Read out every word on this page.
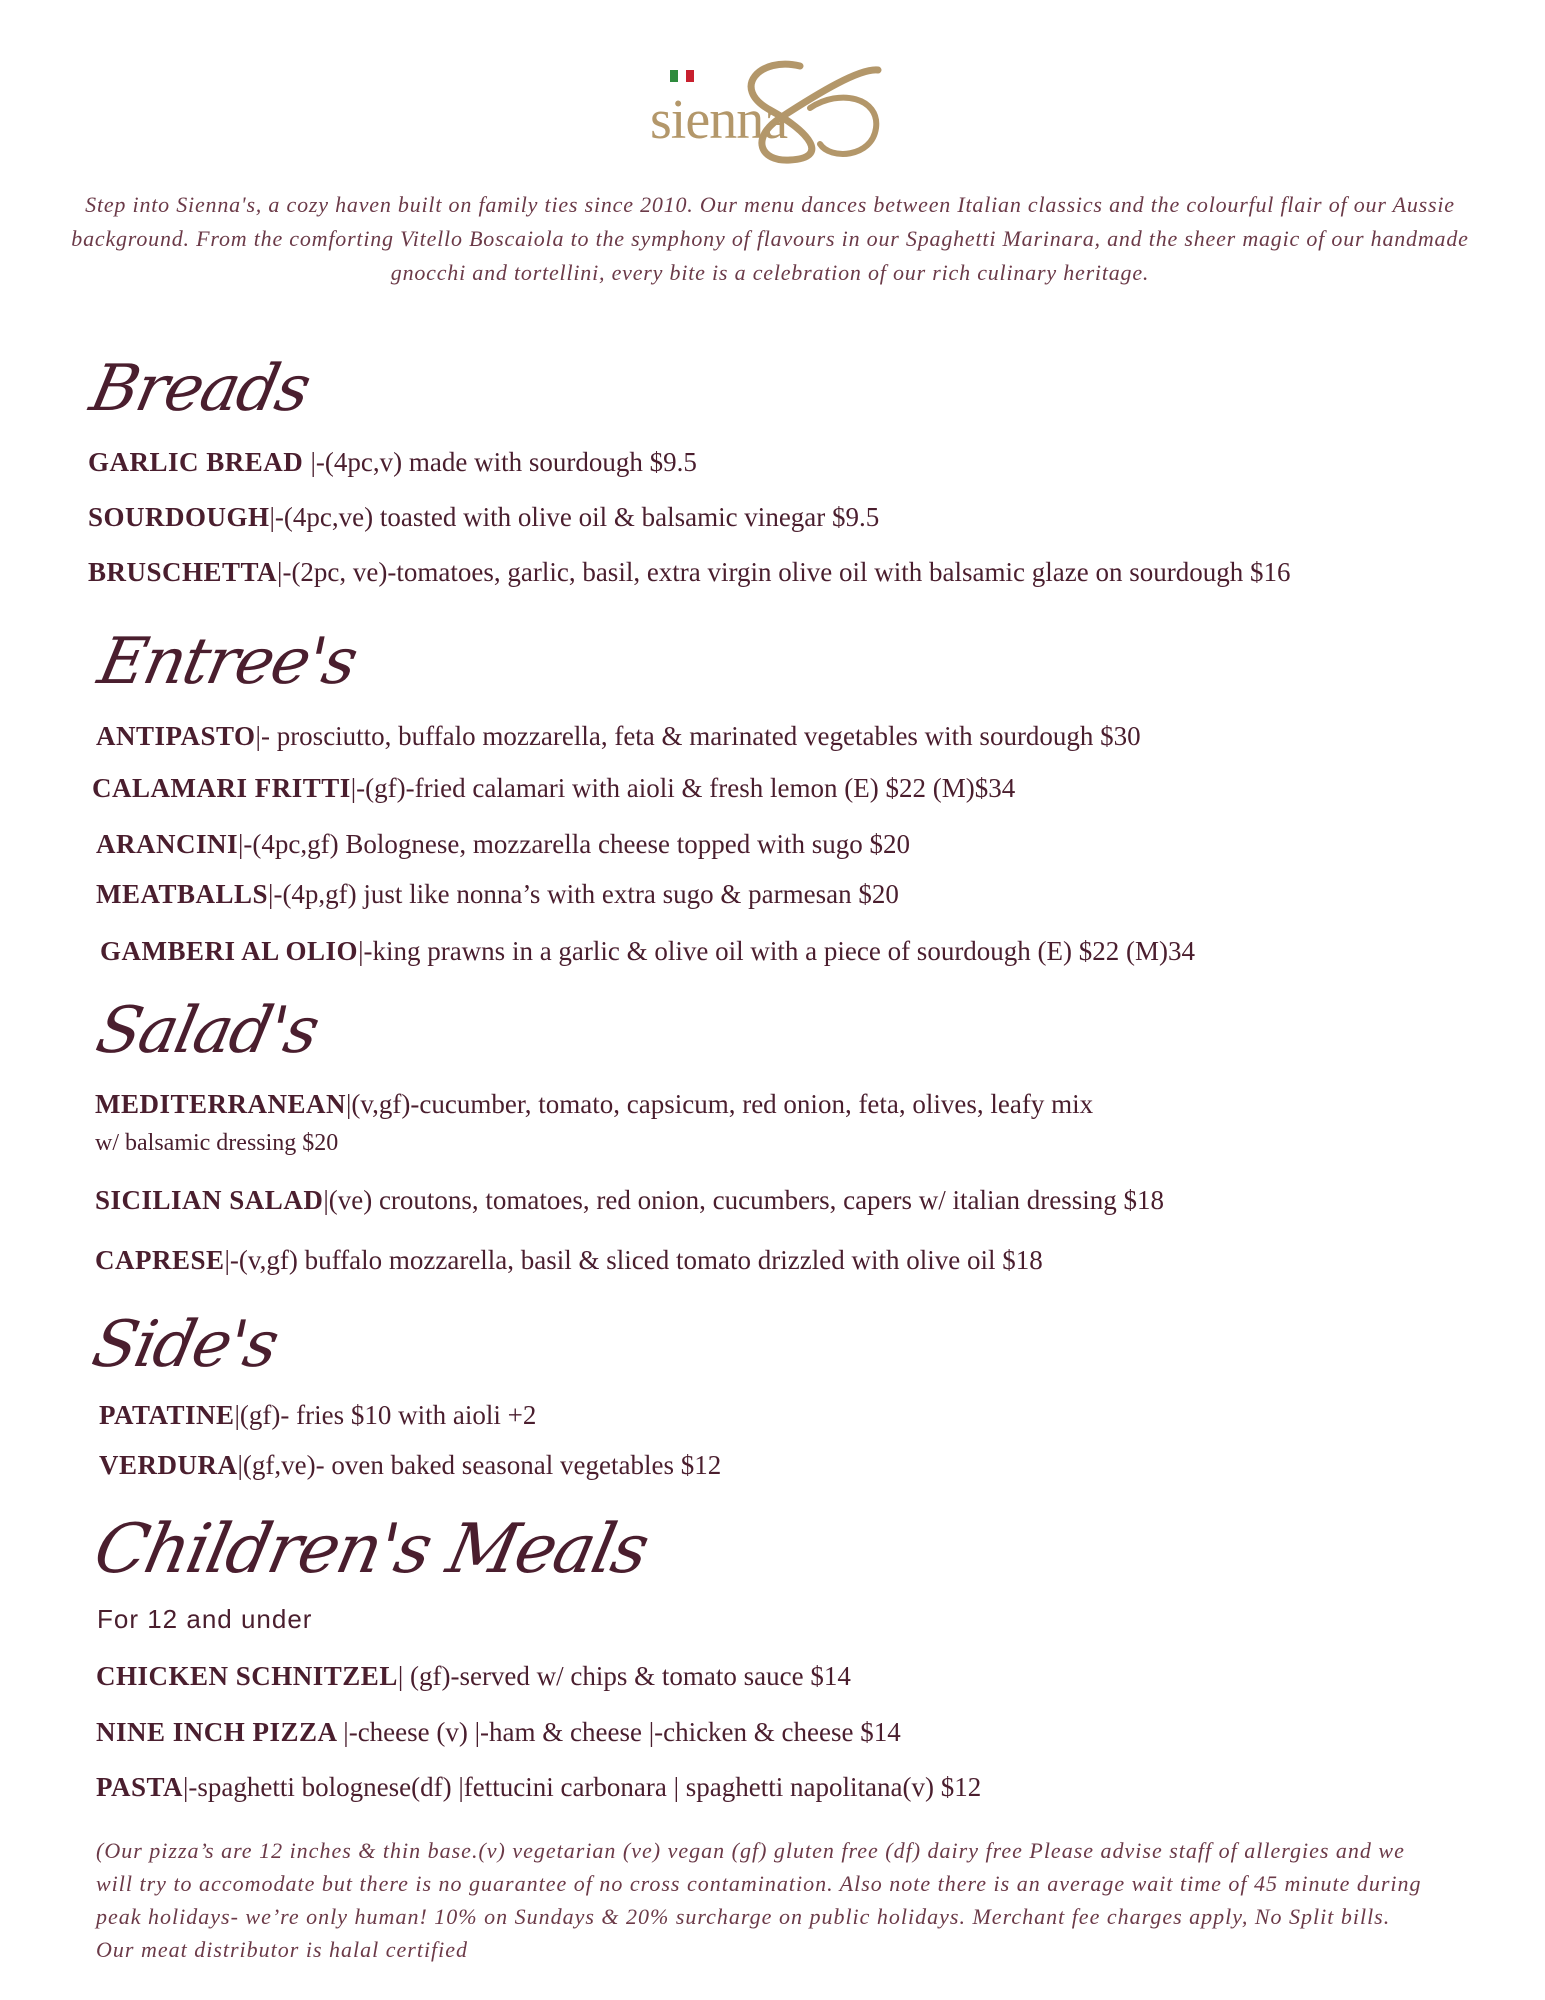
sienna
Step into Sienna's, a cozy haven built on family ties since 2010. Our menu dances between Italian classics and the colourful flair of our Aussie background. From the comforting Vitello Boscaiola to the symphony of flavours in our Spaghetti Marinara, and the sheer magic of our handmade gnocchi and tortellini, every bite is a celebration of our rich culinary heritage.
Breads
GARLIC BREAD |-(4pc,v) made with sourdough $9.5
SOURDOUGH|-(4pc,ve) toasted with olive oil & balsamic vinegar $9.5
BRUSCHETTA|-(2pc, ve)-tomatoes, garlic, basil, extra virgin olive oil with balsamic glaze on sourdough $16
Entree's
ANTIPASTO|- prosciutto, buffalo mozzarella, feta & marinated vegetables with sourdough $30
CALAMARI FRITTI|-(gf)-fried calamari with aioli & fresh lemon (E) $22 (M)$34
ARANCINI|-(4pc,gf) Bolognese, mozzarella cheese topped with sugo $20
MEATBALLS|-(4p,gf) just like nonna’s with extra sugo & parmesan $20
GAMBERI AL OLIO|-king prawns in a garlic & olive oil with a piece of sourdough (E) $22 (M)34
Salad's
MEDITERRANEAN|(v,gf)-cucumber, tomato, capsicum, red onion, feta, olives, leafy mix
w/ balsamic dressing $20
SICILIAN SALAD|(ve) croutons, tomatoes, red onion, cucumbers, capers w/ italian dressing $18
CAPRESE|-(v,gf) buffalo mozzarella, basil & sliced tomato drizzled with olive oil $18
Side's
PATATINE|(gf)- fries $10 with aioli +2
VERDURA|(gf,ve)- oven baked seasonal vegetables $12
Children's Meals
For 12 and under
CHICKEN SCHNITZEL| (gf)-served w/ chips & tomato sauce $14
NINE INCH PIZZA |-cheese (v) |-ham & cheese |-chicken & cheese $14
PASTA|-spaghetti bolognese(df) |fettucini carbonara | spaghetti napolitana(v) $12
(Our pizza’s are 12 inches & thin base.(v) vegetarian (ve) vegan (gf) gluten free (df) dairy free Please advise staff of allergies and we
will try to accomodate but there is no guarantee of no cross contamination. Also note there is an average wait time of 45 minute during
peak holidays- we’re only human! 10% on Sundays & 20% surcharge on public holidays. Merchant fee charges apply, No Split bills.
Our meat distributor is halal certified
